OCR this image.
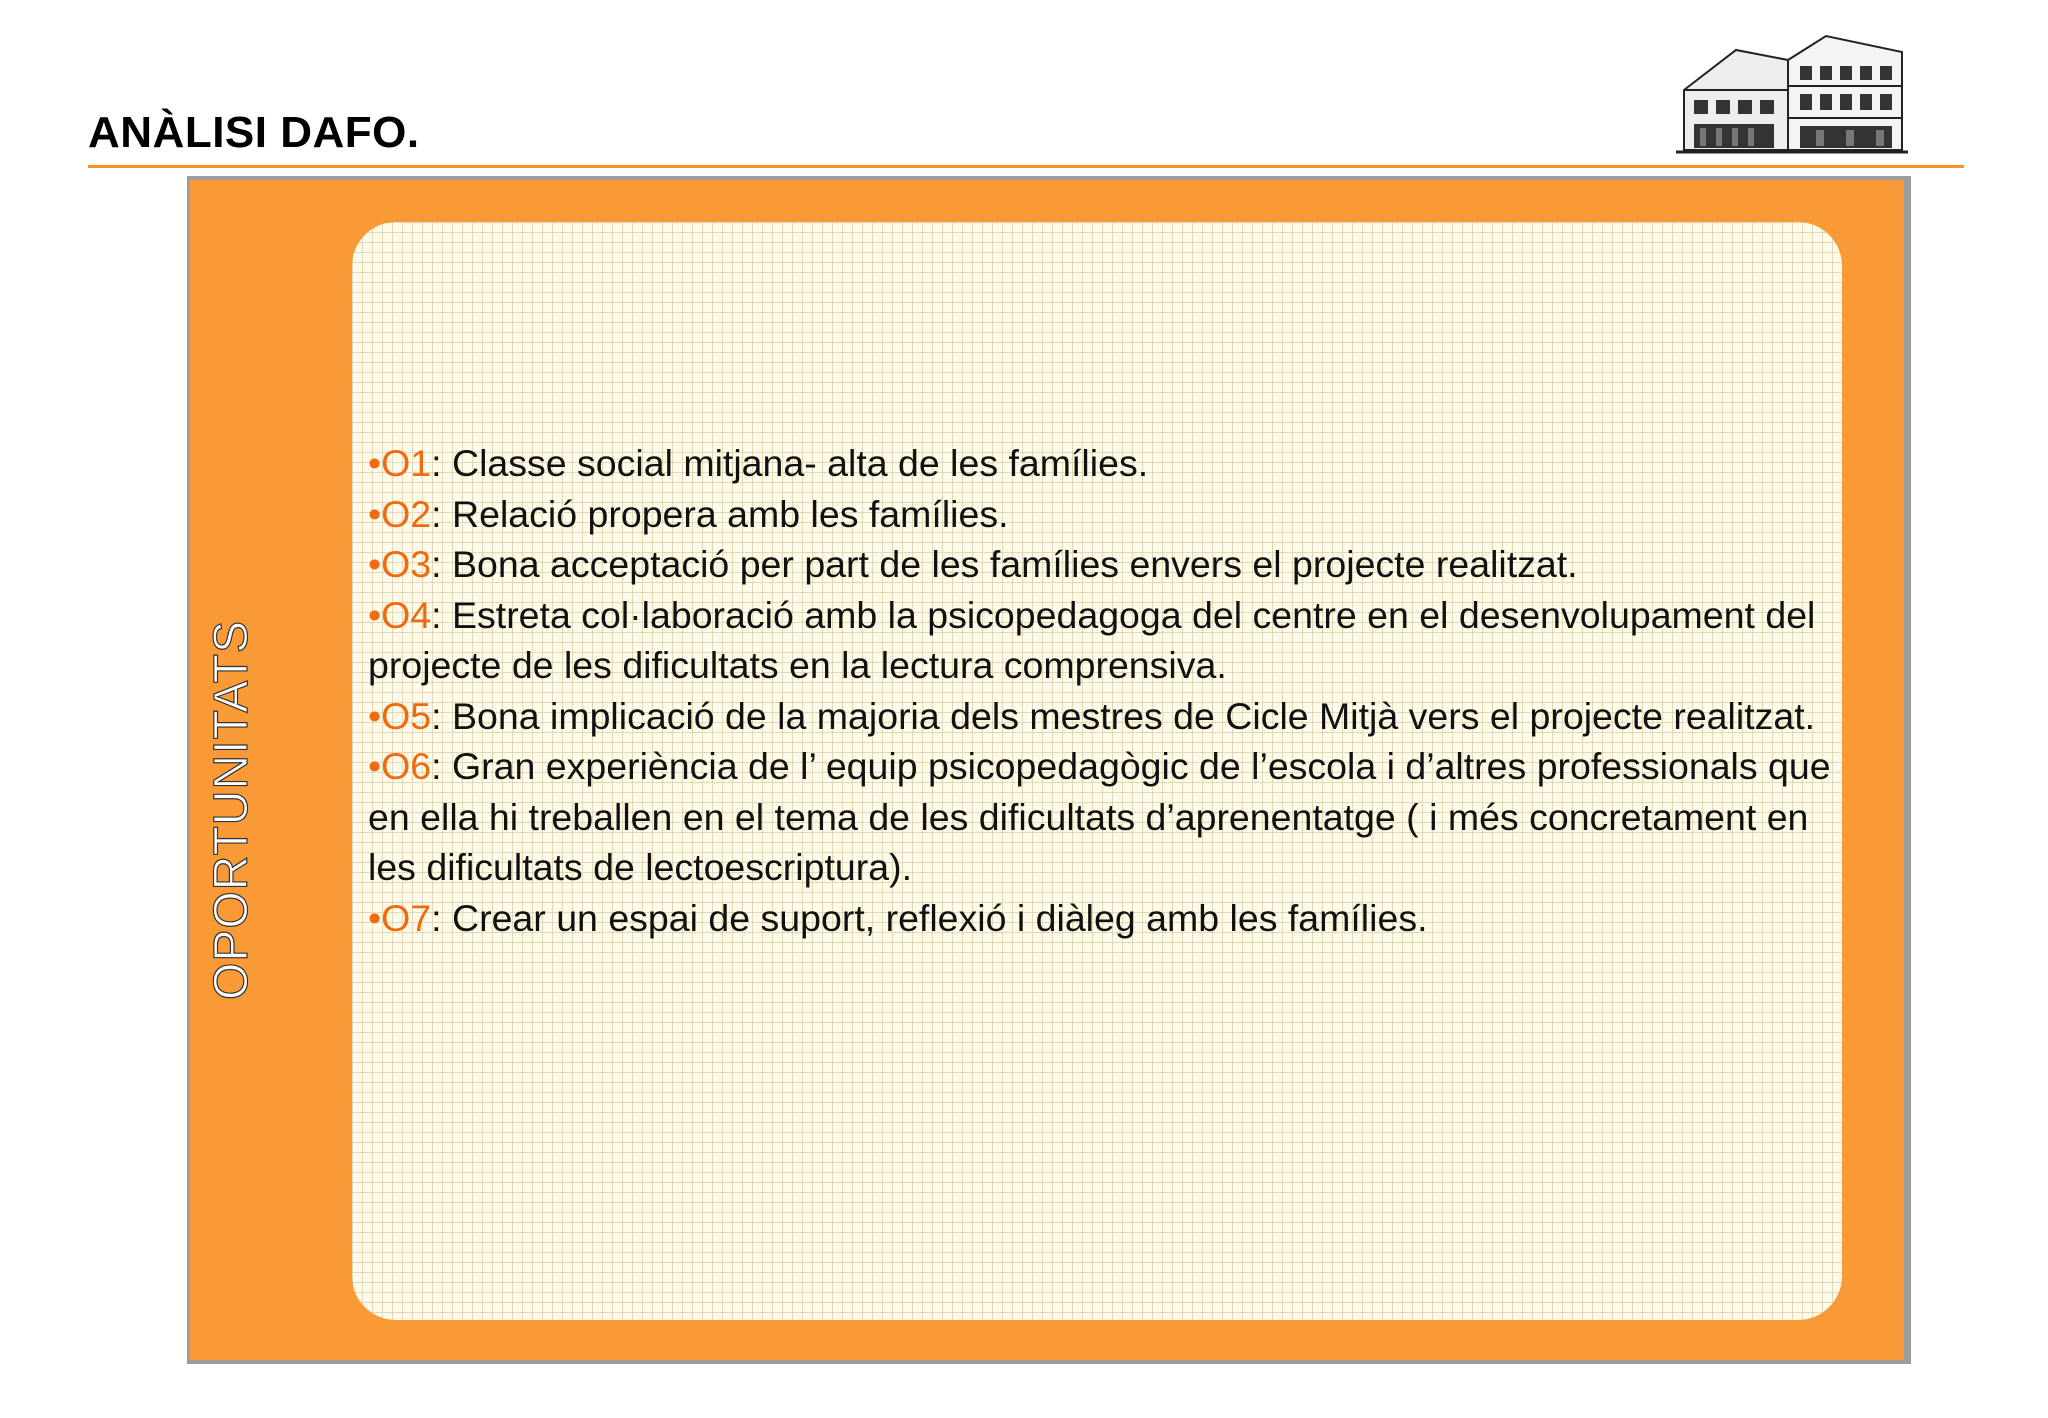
ANÀLISI DAFO.
OPORTUNITATS
•O1: Classe social mitjana- alta de les famílies.
•O2: Relació propera amb les famílies.
•O3: Bona acceptació per part de les famílies envers el projecte realitzat.
•O4: Estreta col·laboració amb la psicopedagoga del centre en el desenvolupament del projecte de les dificultats en la lectura comprensiva.
•O5: Bona implicació de la majoria dels mestres de Cicle Mitjà vers el projecte realitzat.
•O6: Gran experiència de l’ equip psicopedagògic de l’escola i d’altres professionals que en ella hi treballen en el tema de les dificultats d’aprenentatge ( i més concretament en les dificultats de lectoescriptura).
•O7: Crear un espai de suport, reflexió i diàleg amb les famílies.
